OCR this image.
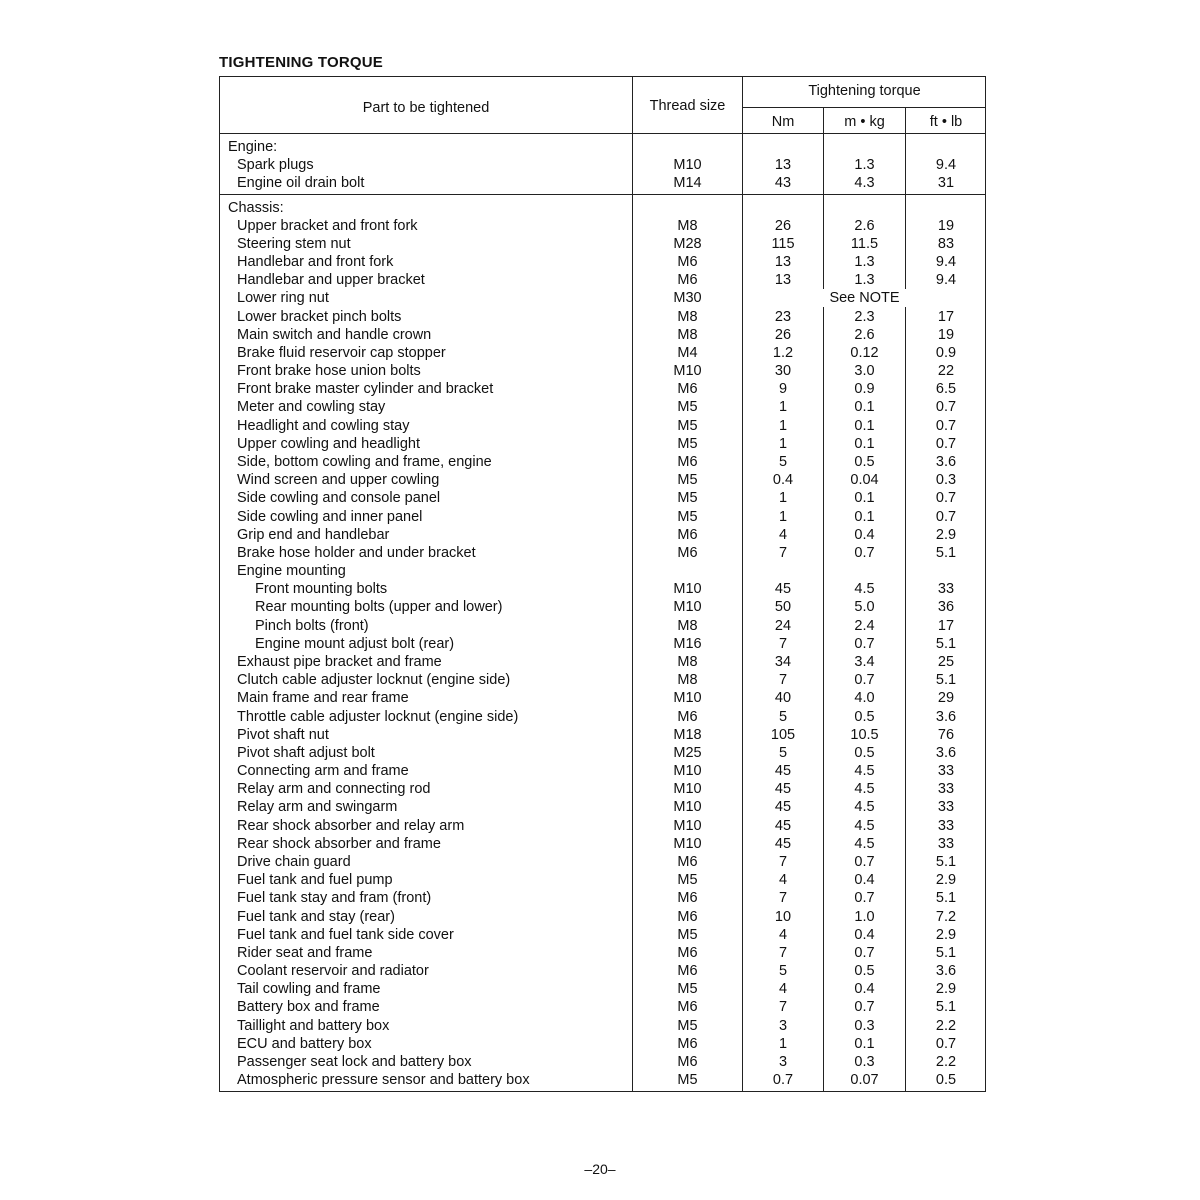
TIGHTENING TORQUE
Part to be tightened	Thread size
Tightening torque
Nm	m • kg	ft • lb
Engine:
Spark plugs	M10	13	1.3	9.4
Engine oil drain bolt	M14	43	4.3	31
Chassis:
Upper bracket and front fork	M8	26	2.6	19
Steering stem nut	M28	115	11.5	83
Handlebar and front fork	M6	13	1.3	9.4
Handlebar and upper bracket	M6	13	1.3	9.4
Lower ring nut	M30	See NOTE
Lower bracket pinch bolts	M8	23	2.3	17
Main switch and handle crown	M8	26	2.6	19
Brake fluid reservoir cap stopper	M4	1.2	0.12	0.9
Front brake hose union bolts	M10	30	3.0	22
Front brake master cylinder and bracket	M6	9	0.9	6.5
Meter and cowling stay	M5	1	0.1	0.7
Headlight and cowling stay	M5	1	0.1	0.7
Upper cowling and headlight	M5	1	0.1	0.7
Side, bottom cowling and frame, engine	M6	5	0.5	3.6
Wind screen and upper cowling	M5	0.4	0.04	0.3
Side cowling and console panel	M5	1	0.1	0.7
Side cowling and inner panel	M5	1	0.1	0.7
Grip end and handlebar	M6	4	0.4	2.9
Brake hose holder and under bracket	M6	7	0.7	5.1
Engine mounting
Front mounting bolts	M10	45	4.5	33
Rear mounting bolts (upper and lower)	M10	50	5.0	36
Pinch bolts (front)	M8	24	2.4	17
Engine mount adjust bolt (rear)	M16	7	0.7	5.1
Exhaust pipe bracket and frame	M8	34	3.4	25
Clutch cable adjuster locknut (engine side)	M8	7	0.7	5.1
Main frame and rear frame	M10	40	4.0	29
Throttle cable adjuster locknut (engine side)	M6	5	0.5	3.6
Pivot shaft nut	M18	105	10.5	76
Pivot shaft adjust bolt	M25	5	0.5	3.6
Connecting arm and frame	M10	45	4.5	33
Relay arm and connecting rod	M10	45	4.5	33
Relay arm and swingarm	M10	45	4.5	33
Rear shock absorber and relay arm	M10	45	4.5	33
Rear shock absorber and frame	M10	45	4.5	33
Drive chain guard	M6	7	0.7	5.1
Fuel tank and fuel pump	M5	4	0.4	2.9
Fuel tank stay and fram (front)	M6	7	0.7	5.1
Fuel tank and stay (rear)	M6	10	1.0	7.2
Fuel tank and fuel tank side cover	M5	4	0.4	2.9
Rider seat and frame	M6	7	0.7	5.1
Coolant reservoir and radiator	M6	5	0.5	3.6
Tail cowling and frame	M5	4	0.4	2.9
Battery box and frame	M6	7	0.7	5.1
Taillight and battery box	M5	3	0.3	2.2
ECU and battery box	M6	1	0.1	0.7
Passenger seat lock and battery box	M6	3	0.3	2.2
Atmospheric pressure sensor and battery box	M5	0.7	0.07	0.5
–20–
